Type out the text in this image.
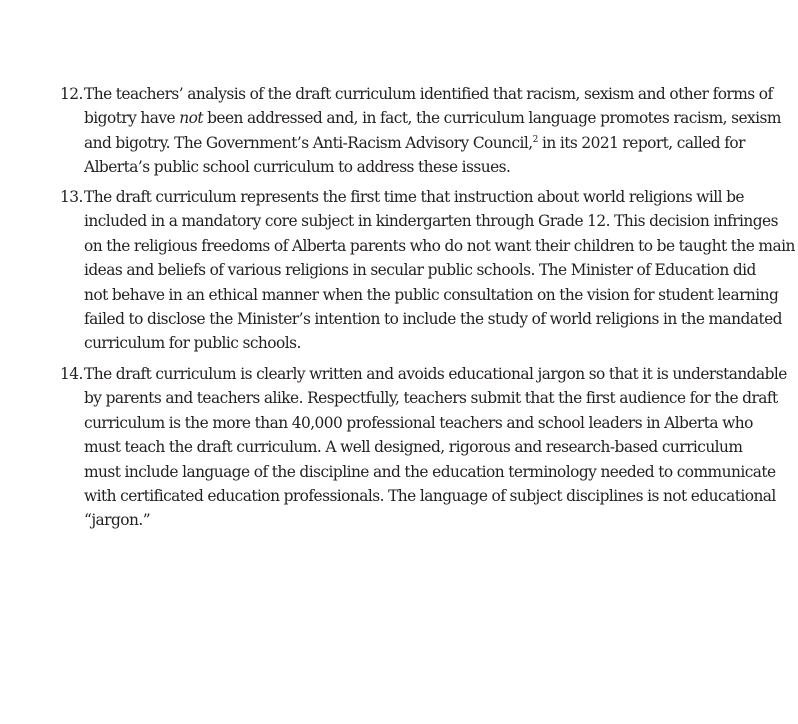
12.The teachers’ analysis of the draft curriculum identified that racism, sexism and other forms of
bigotry have not been addressed and, in fact, the curriculum language promotes racism, sexism
and bigotry. The Government’s Anti-Racism Advisory Council,$^2$ in its 2021 report, called for
Alberta’s public school curriculum to address these issues.
13.The draft curriculum represents the first time that instruction about world religions will be
included in a mandatory core subject in kindergarten through Grade 12. This decision infringes
on the religious freedoms of Alberta parents who do not want their children to be taught the main
ideas and beliefs of various religions in secular public schools. The Minister of Education did
not behave in an ethical manner when the public consultation on the vision for student learning
failed to disclose the Minister’s intention to include the study of world religions in the mandated
curriculum for public schools.
14.The draft curriculum is clearly written and avoids educational jargon so that it is understandable
by parents and teachers alike. Respectfully, teachers submit that the first audience for the draft
curriculum is the more than 40,000 professional teachers and school leaders in Alberta who
must teach the draft curriculum. A well designed, rigorous and research-based curriculum
must include language of the discipline and the education terminology needed to communicate
with certificated education professionals. The language of subject disciplines is not educational
“jargon.”
